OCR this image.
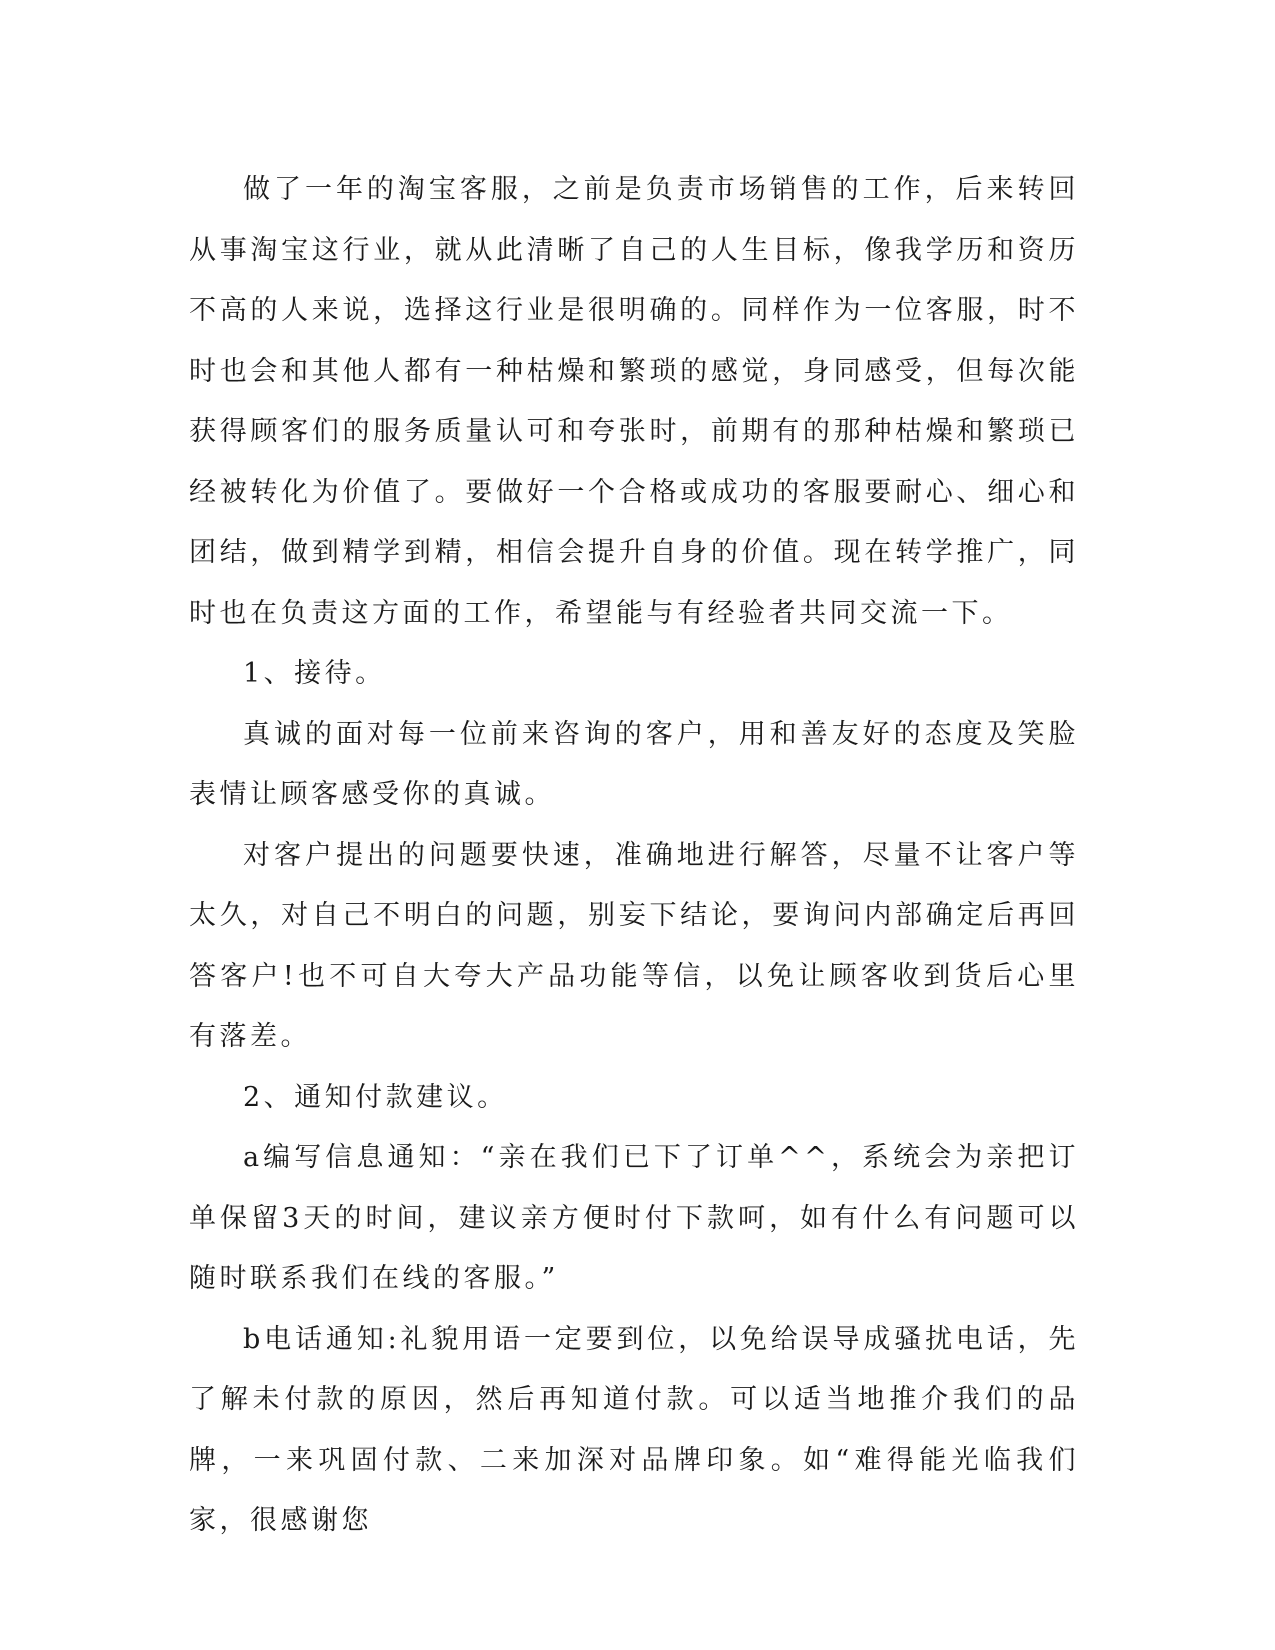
做了一年的淘宝客服，之前是负责市场销售的工作，后来转回从事淘宝这行业，就从此清晰了自己的人生目标，像我学历和资历不高的人来说，选择这行业是很明确的。同样作为一位客服，时不时也会和其他人都有一种枯燥和繁琐的感觉，身同感受，但每次能获得顾客们的服务质量认可和夸张时，前期有的那种枯燥和繁琐已经被转化为价值了。要做好一个合格或成功的客服要耐心、细心和团结，做到精学到精，相信会提升自身的价值。现在转学推广，同时也在负责这方面的工作，希望能与有经验者共同交流一下。

1、接待。

真诚的面对每一位前来咨询的客户，用和善友好的态度及笑脸表情让顾客感受你的真诚。

对客户提出的问题要快速，准确地进行解答，尽量不让客户等太久，对自己不明白的问题，别妄下结论，要询问内部确定后再回答客户!也不可自大夸大产品功能等信，以免让顾客收到货后心里有落差。

2、通知付款建议。

a编写信息通知：“亲在我们已下了订单^^，系统会为亲把订单保留3天的时间，建议亲方便时付下款呵，如有什么有问题可以随时联系我们在线的客服。”

b电话通知:礼貌用语一定要到位，以免给误导成骚扰电话，先了解未付款的原因，然后再知道付款。可以适当地推介我们的品牌，一来巩固付款、二来加深对品牌印象。如“难得能光临我们家，很感谢您
